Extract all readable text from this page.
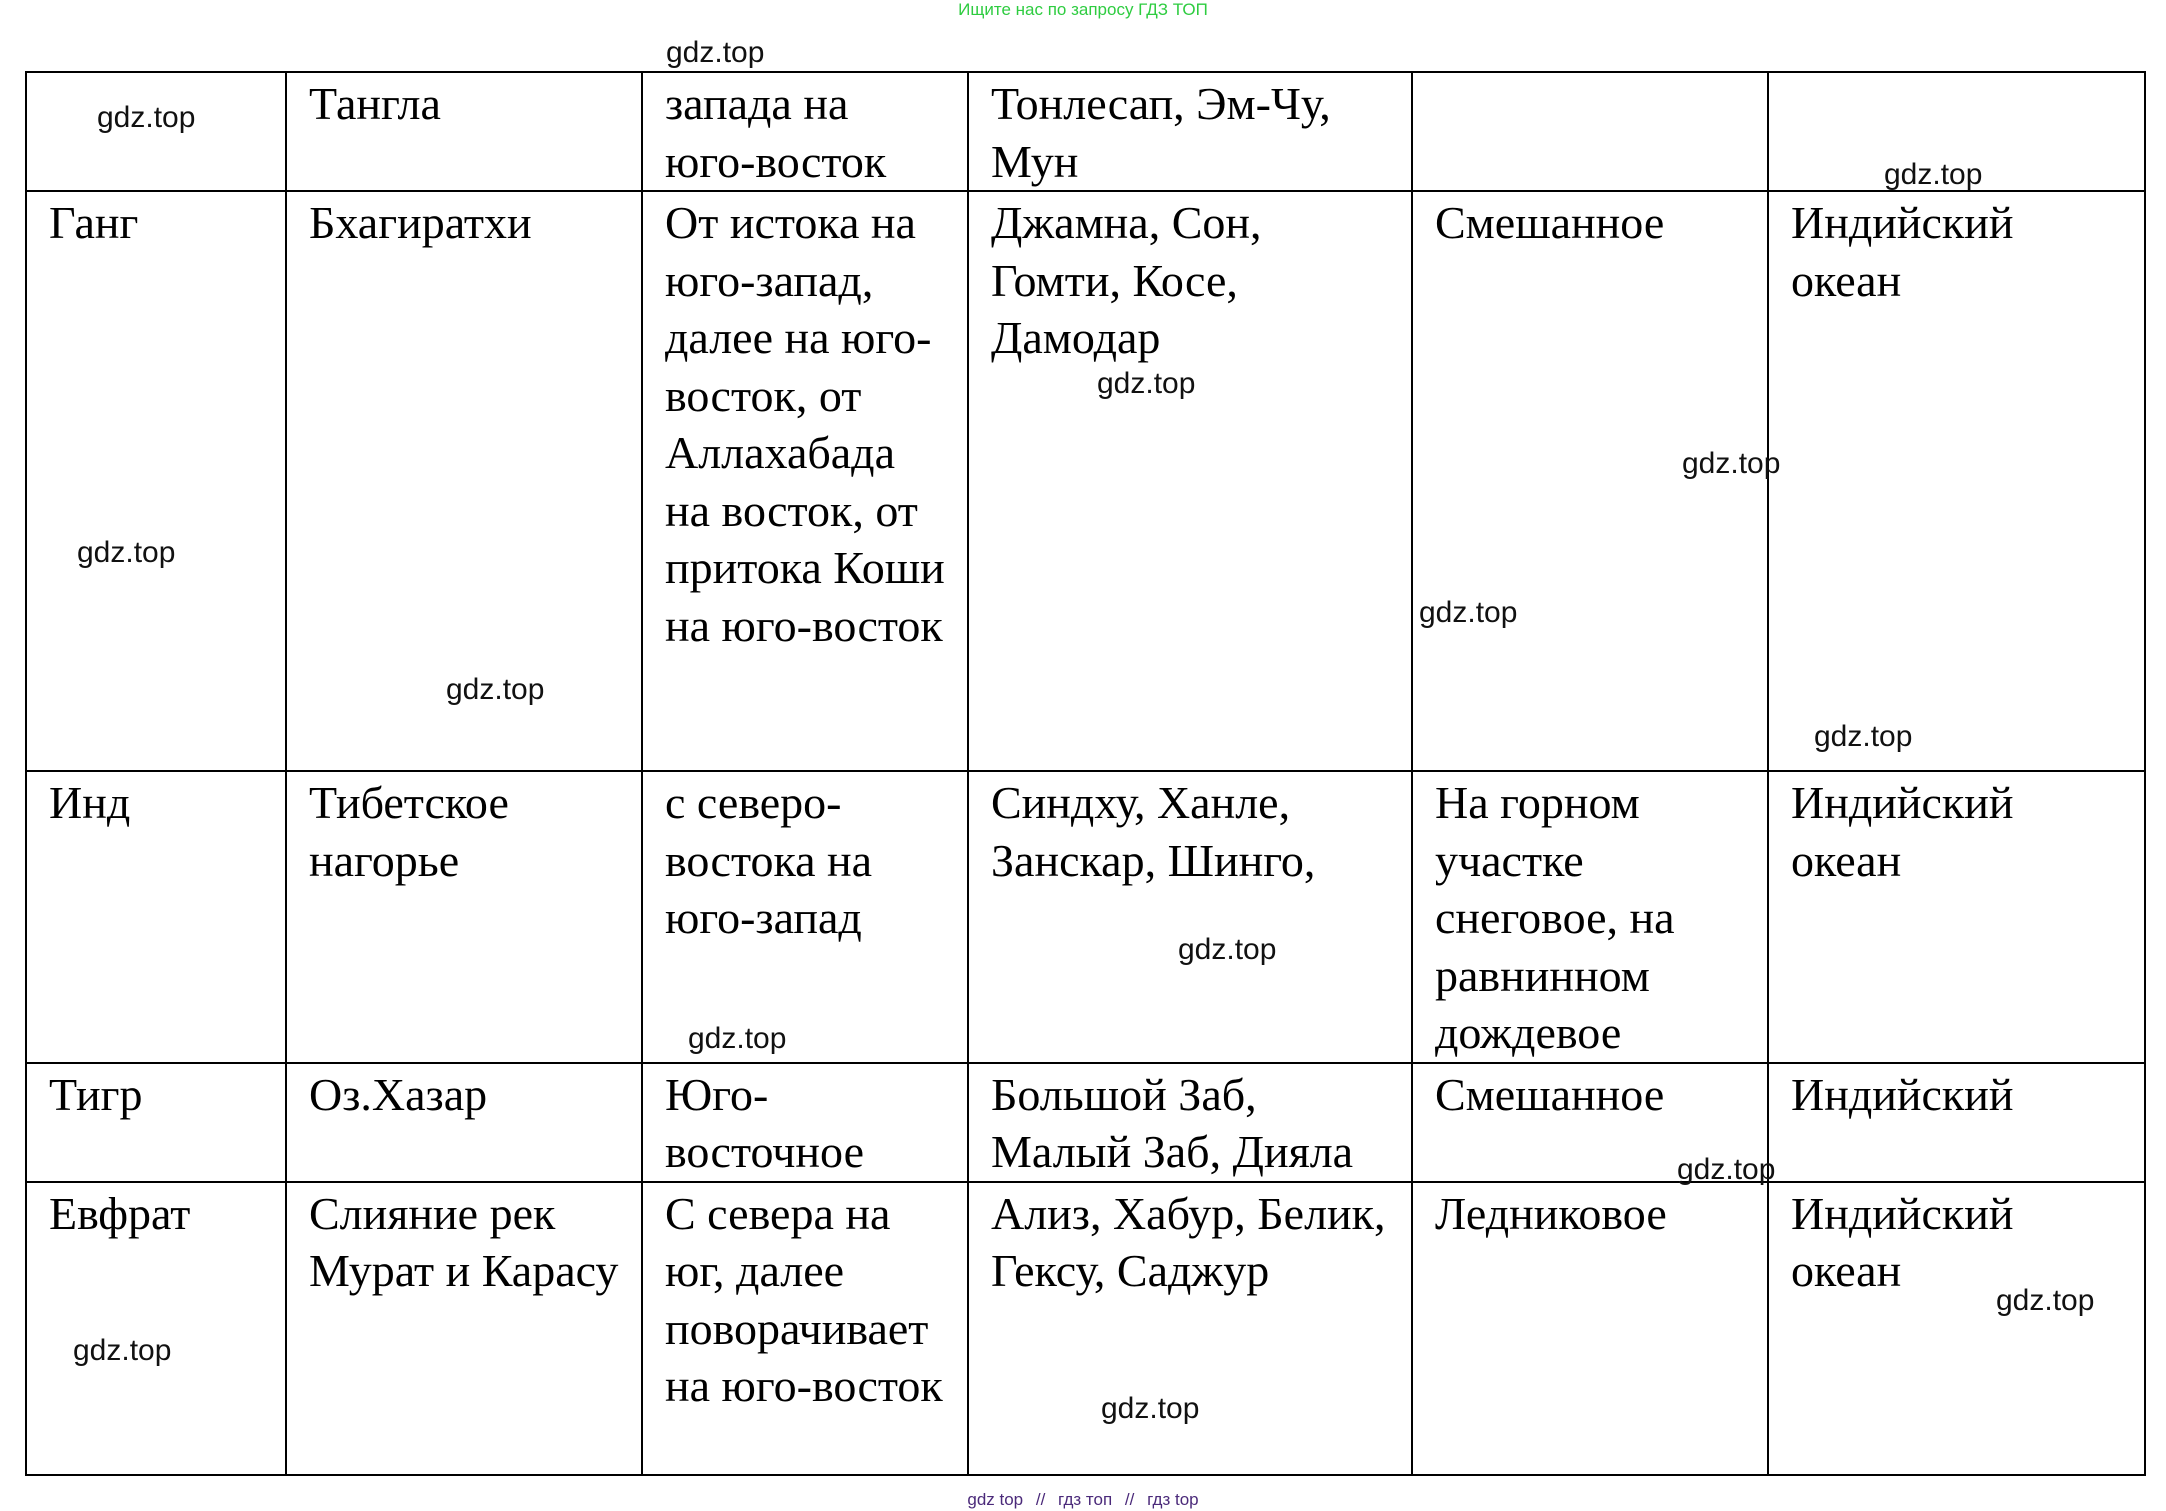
Ищите нас по запросу ГДЗ ТОП
	Тангла	запада на юго-восток	Тонлесап, Эм-Чу, Мун		
Ганг	Бхагиратхи	От истока на юго-запад, далее на юго-восток, от Аллахабада на восток, от притока Коши на юго-восток	Джамна, Сон, Гомти, Косе, Дамодар	Смешанное	Индийский океан
Инд	Тибетское нагорье	с северо-востока на юго-запад	Синдху, Ханле, Занскар, Шинго,	На горном участке снеговое, на равнинном дождевое	Индийский океан
Тигр	Оз.Хазар	Юго-восточное	Большой Заб, Малый Заб, Дияла	Смешанное	Индийский
Евфрат	Слияние рек Мурат и Карасу	С севера на юг, далее поворачивает на юго-восток	Ализ, Хабур, Белик, Гексу, Саджур	Ледниковое	Индийский океан
gdz.top
gdz.top
gdz.top
gdz.top
gdz.top
gdz.top
gdz.top
gdz.top
gdz.top
gdz.top
gdz.top
gdz.top
gdz.top
gdz.top
gdz.top
gdz top // гдз топ // гдз top
